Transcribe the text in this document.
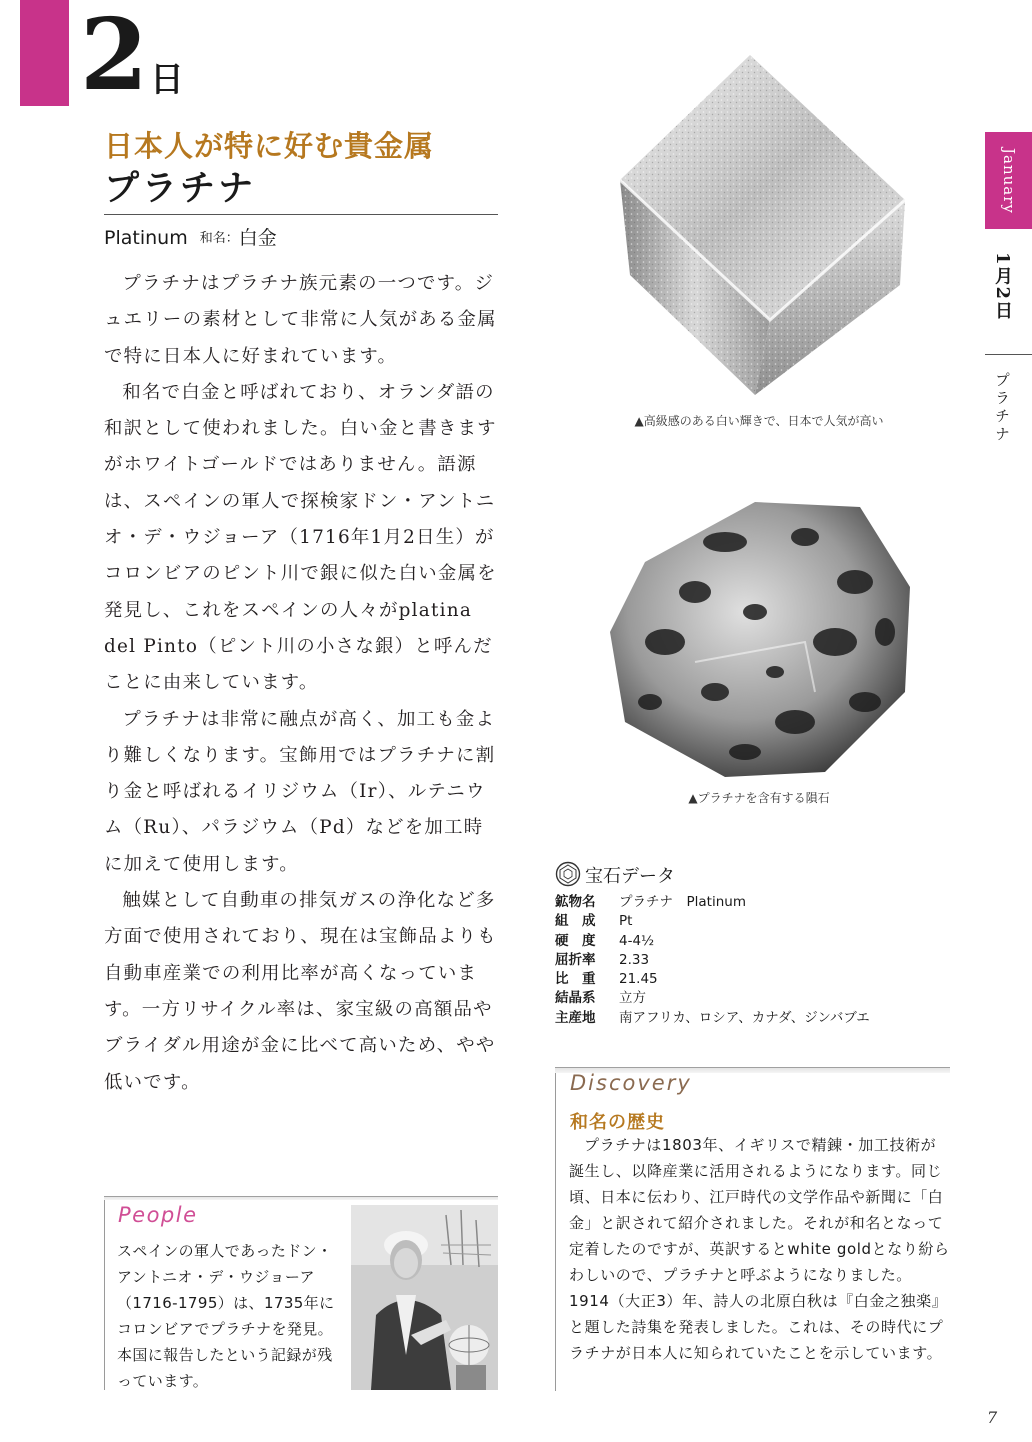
2 日
日本人が特に好む貴金属
プラチナ
Platinum 和名：白金

プラチナはプラチナ族元素の一つです。ジュエリーの素材として非常に人気がある金属で特に日本人に好まれています。

和名で白金と呼ばれており、オランダ語の和訳として使われました。白い金と書きますがホワイトゴールドではありません。語源は、スペインの軍人で探検家ドン・アントニオ・デ・ウジョーア（1716年1月2日生）がコロンビアのピント川で銀に似た白い金属を発見し、これをスペインの人々がplatina del Pinto（ピント川の小さな銀）と呼んだことに由来しています。

プラチナは非常に融点が高く、加工も金より難しくなります。宝飾用ではプラチナに割り金と呼ばれるイリジウム（Ir）、ルテニウム（Ru）、パラジウム（Pd）などを加工時に加えて使用します。

触媒として自動車の排気ガスの浄化など多方面で使用されており、現在は宝飾品よりも自動車産業での利用比率が高くなっています。一方リサイクル率は、家宝級の高額品やブライダル用途が金に比べて高いため、やや低いです。

▲高級感のある白い輝きで、日本で人気が高い
▲プラチナを含有する隕石
宝石データ
鉱物名 プラチナ　Platinum
組　成 Pt
硬　度 4-4½
屈折率 2.33
比　重 21.45
結晶系 立方
主産地 南アフリカ、ロシア、カナダ、ジンバブエ
Discovery
和名の歴史

プラチナは1803年、イギリスで精錬・加工技術が誕生し、以降産業に活用されるようになります。同じ頃、日本に伝わり、江戸時代の文学作品や新聞に「白金」と訳されて紹介されました。それが和名となって定着したのですが、英訳するとwhite goldとなり紛らわしいので、プラチナと呼ぶようになりました。1914（大正3）年、詩人の北原白秋は『白金之独楽』と題した詩集を発表しました。これは、その時代にプラチナが日本人に知られていたことを示しています。

People
スペインの軍人であったドン・アントニオ・デ・ウジョーア（1716-1795）は、1735年にコロンビアでプラチナを発見。本国に報告したという記録が残っています。
January
1月2日
プラチナ
7
